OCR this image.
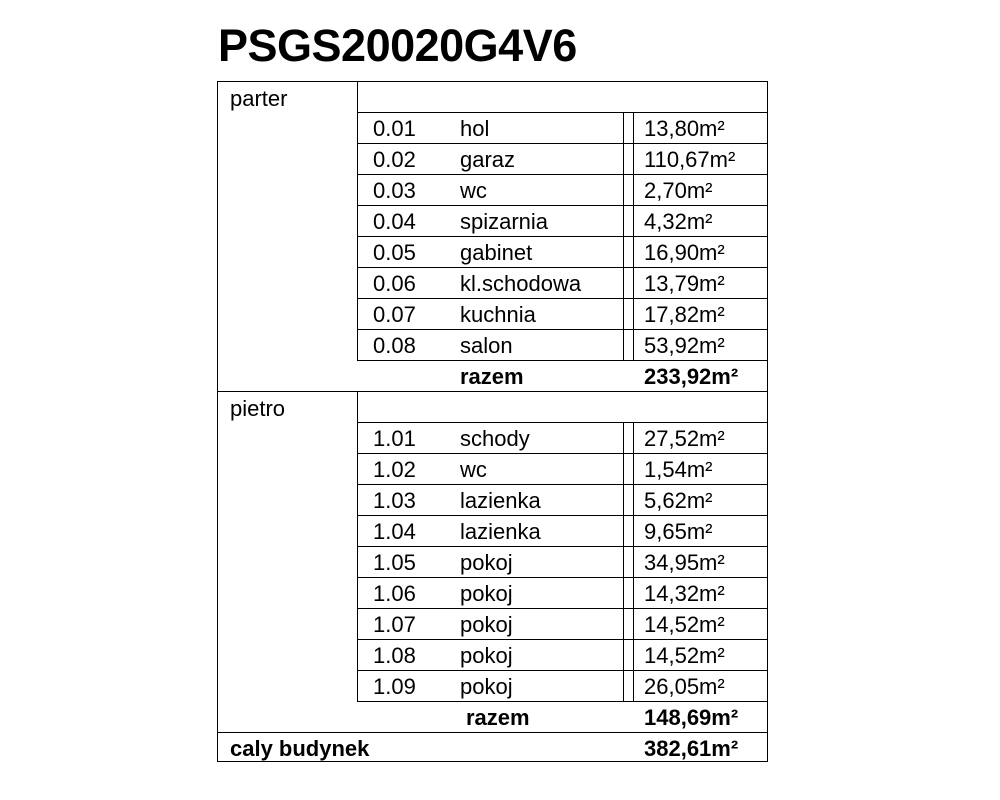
PSGS20020G4V6
parter
0.01 hol	13,80m²
0.02 garaz	110,67m²
0.03 wc	2,70m²
0.04 spizarnia	4,32m²
0.05 gabinet	16,90m²
0.06 kl.schodowa	13,79m²
0.07 kuchnia	17,82m²
0.08 salon	53,92m²
razem	233,92m²
pietro
1.01 schody	27,52m²
1.02 wc	1,54m²
1.03 lazienka	5,62m²
1.04 lazienka	9,65m²
1.05 pokoj	34,95m²
1.06 pokoj	14,32m²
1.07 pokoj	14,52m²
1.08 pokoj	14,52m²
1.09 pokoj	26,05m²
razem	148,69m²
caly budynek	382,61m²
